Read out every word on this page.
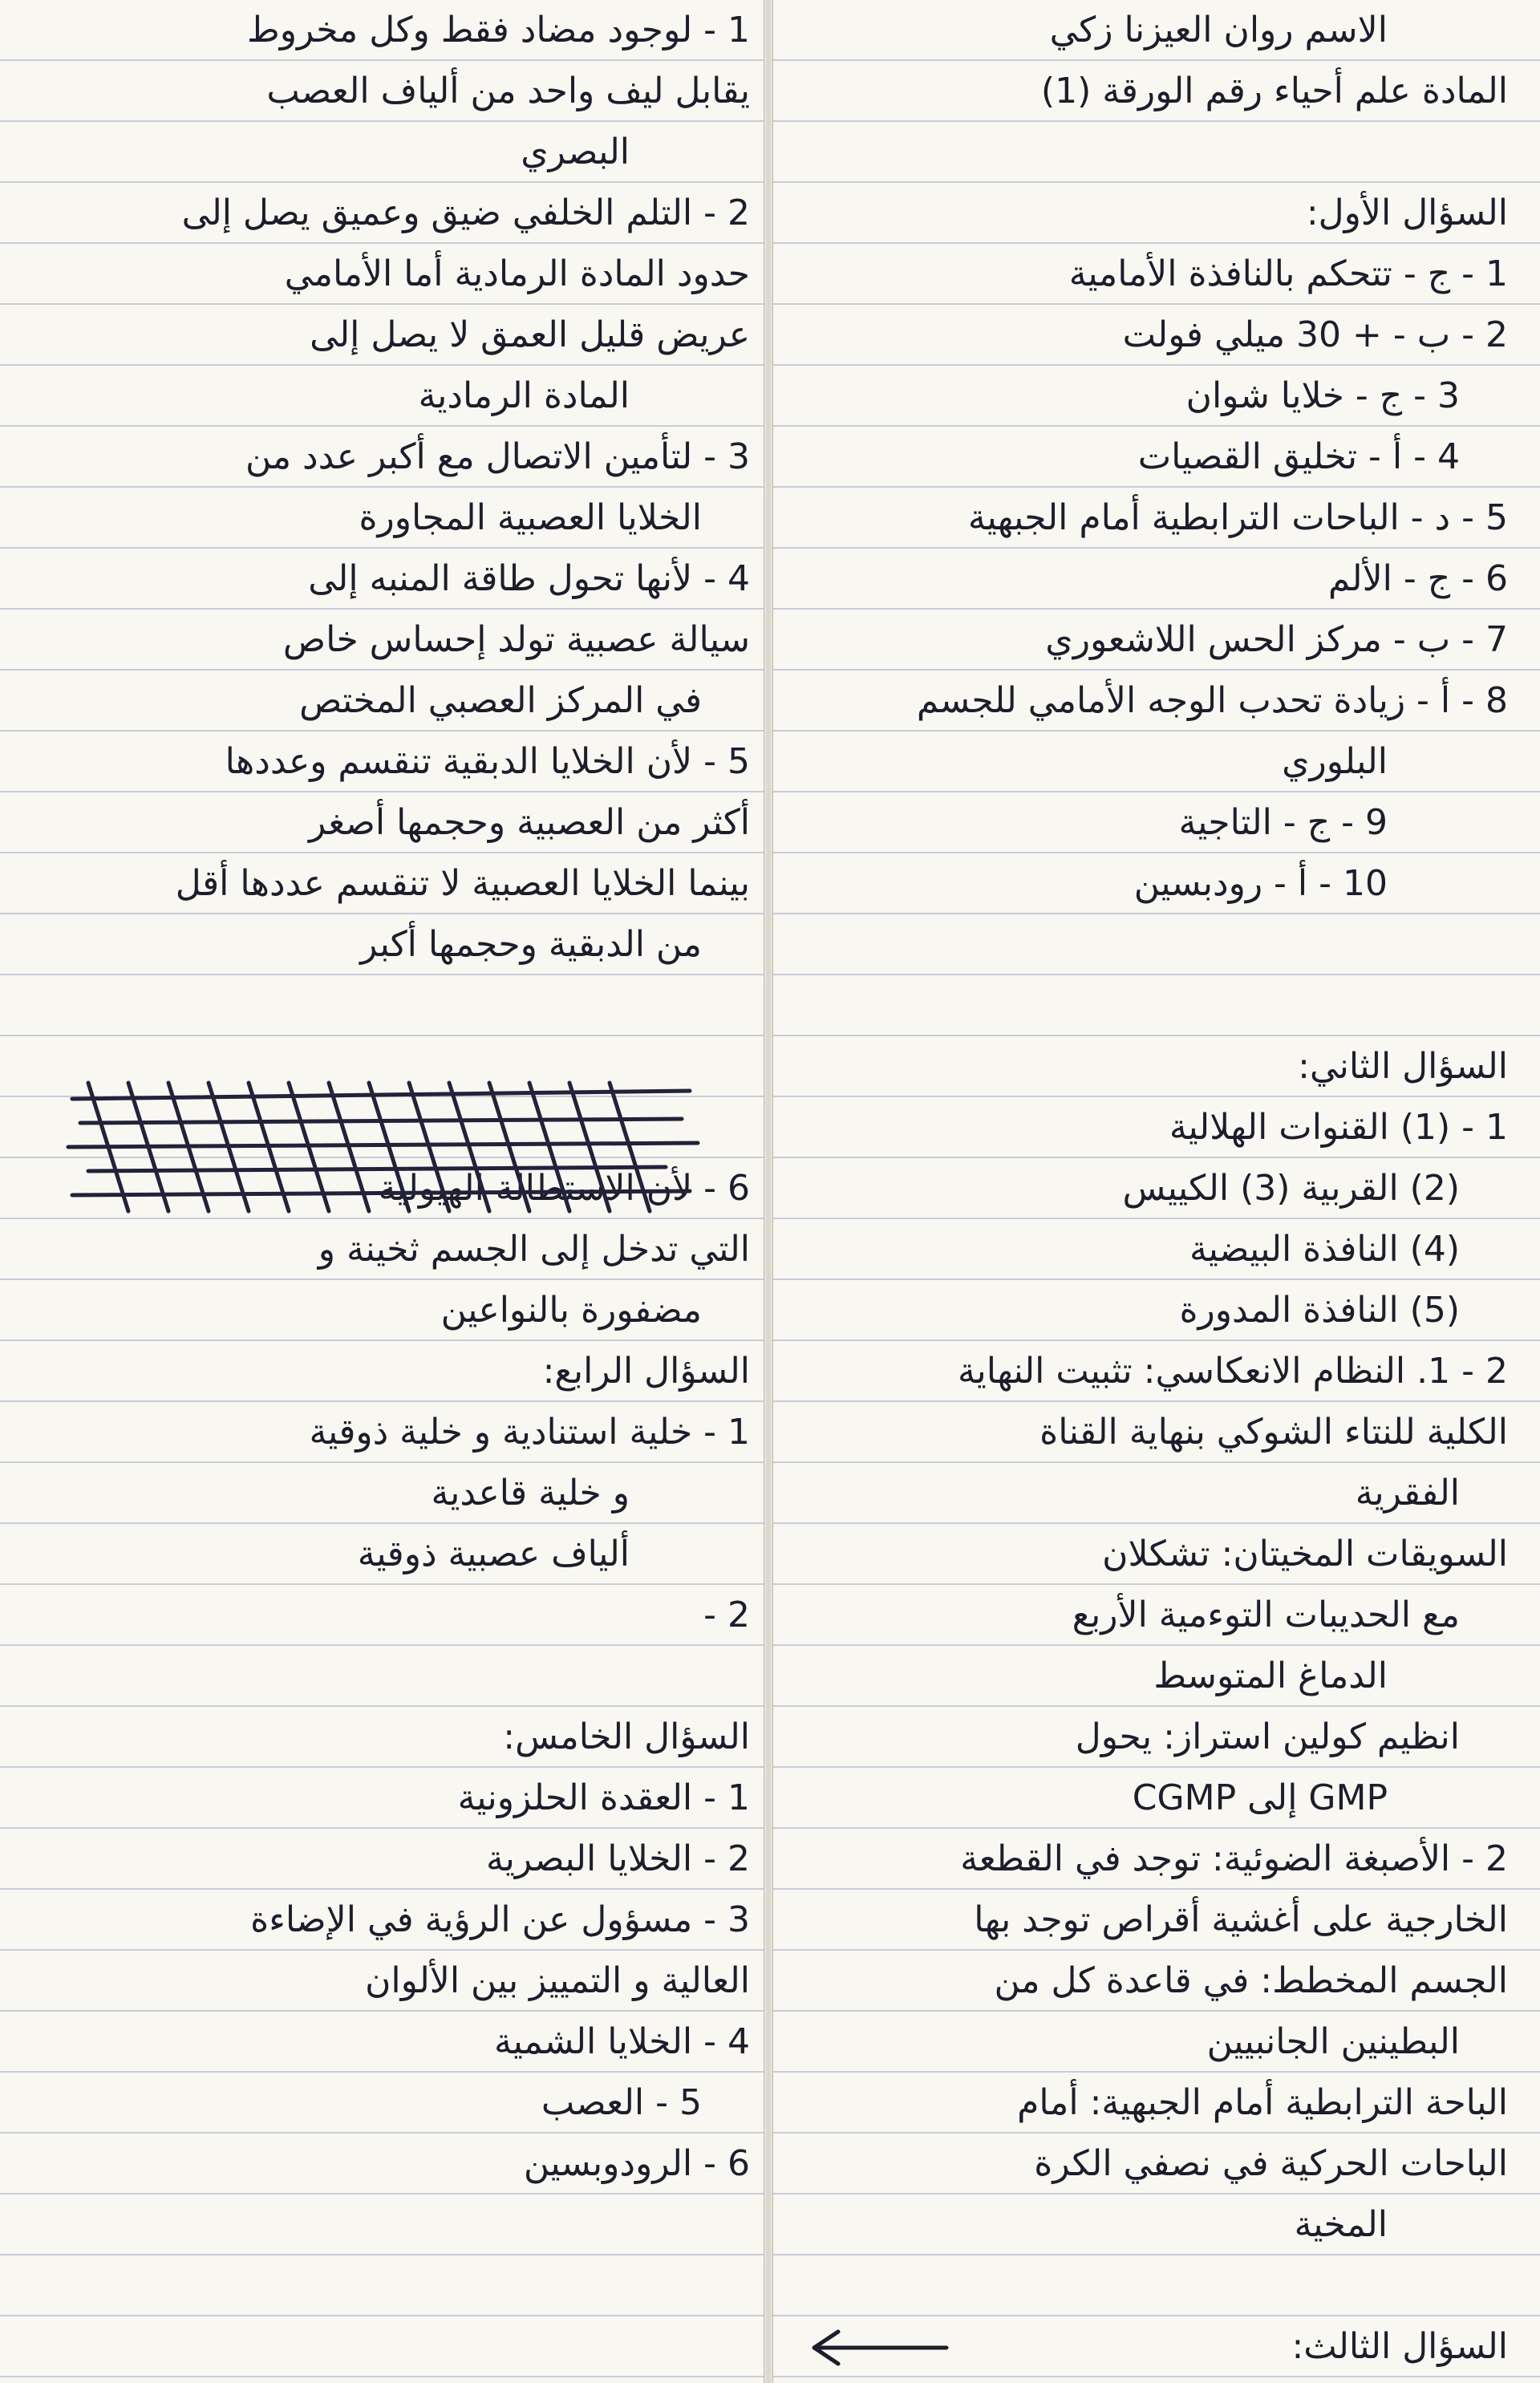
الاسم روان العيزنا زكي
المادة علم أحياء رقم الورقة (1)
السؤال الأول:
1 - ج - تتحكم بالنافذة الأمامية
2 - ب - + 30 ميلي فولت
3 - ج - خلايا شوان
4 - أ - تخليق القصيات
5 - د - الباحات الترابطية أمام الجبهية
6 - ج - الألم
7 - ب - مركز الحس اللاشعوري
8 - أ - زيادة تحدب الوجه الأمامي للجسم
البلوري
9 - ج - التاجية
10 - أ - رودبسين
السؤال الثاني:
1 - (1) القنوات الهلالية
(2) القربية (3) الكييس
(4) النافذة البيضية
(5) النافذة المدورة
2 - 1. النظام الانعكاسي: تثبيت النهاية
الكلية للنتاء الشوكي بنهاية القناة
الفقرية
السويقات المخيتان: تشكلان
مع الحديبات التوءمية الأربع
الدماغ المتوسط
انظيم كولين استراز: يحول
GMP إلى CGMP
2 - الأصبغة الضوئية: توجد في القطعة
الخارجية على أغشية أقراص توجد بها
الجسم المخطط: في قاعدة كل من
البطينين الجانبيين
الباحة الترابطية أمام الجبهية: أمام
الباحات الحركية في نصفي الكرة
المخية
السؤال الثالث:
1 - لوجود مضاد فقط وكل مخروط
يقابل ليف واحد من ألياف العصب
البصري
2 - التلم الخلفي ضيق وعميق يصل إلى
حدود المادة الرمادية أما الأمامي
عريض قليل العمق لا يصل إلى
المادة الرمادية
3 - لتأمين الاتصال مع أكبر عدد من
الخلايا العصبية المجاورة
4 - لأنها تحول طاقة المنبه إلى
سيالة عصبية تولد إحساس خاص
في المركز العصبي المختص
5 - لأن الخلايا الدبقية تنقسم وعددها
أكثر من العصبية وحجمها أصغر
بينما الخلايا العصبية لا تنقسم عددها أقل
من الدبقية وحجمها أكبر
6 - لأن الاستطالة الهيولية
التي تدخل إلى الجسم ثخينة و
مضفورة بالنواعين
السؤال الرابع:
1 - خلية استنادية و خلية ذوقية
و خلية قاعدية
ألياف عصبية ذوقية
2 -
السؤال الخامس:
1 - العقدة الحلزونية
2 - الخلايا البصرية
3 - مسؤول عن الرؤية في الإضاءة
العالية و التمييز بين الألوان
4 - الخلايا الشمية
5 - العصب
6 - الرودوبسين
